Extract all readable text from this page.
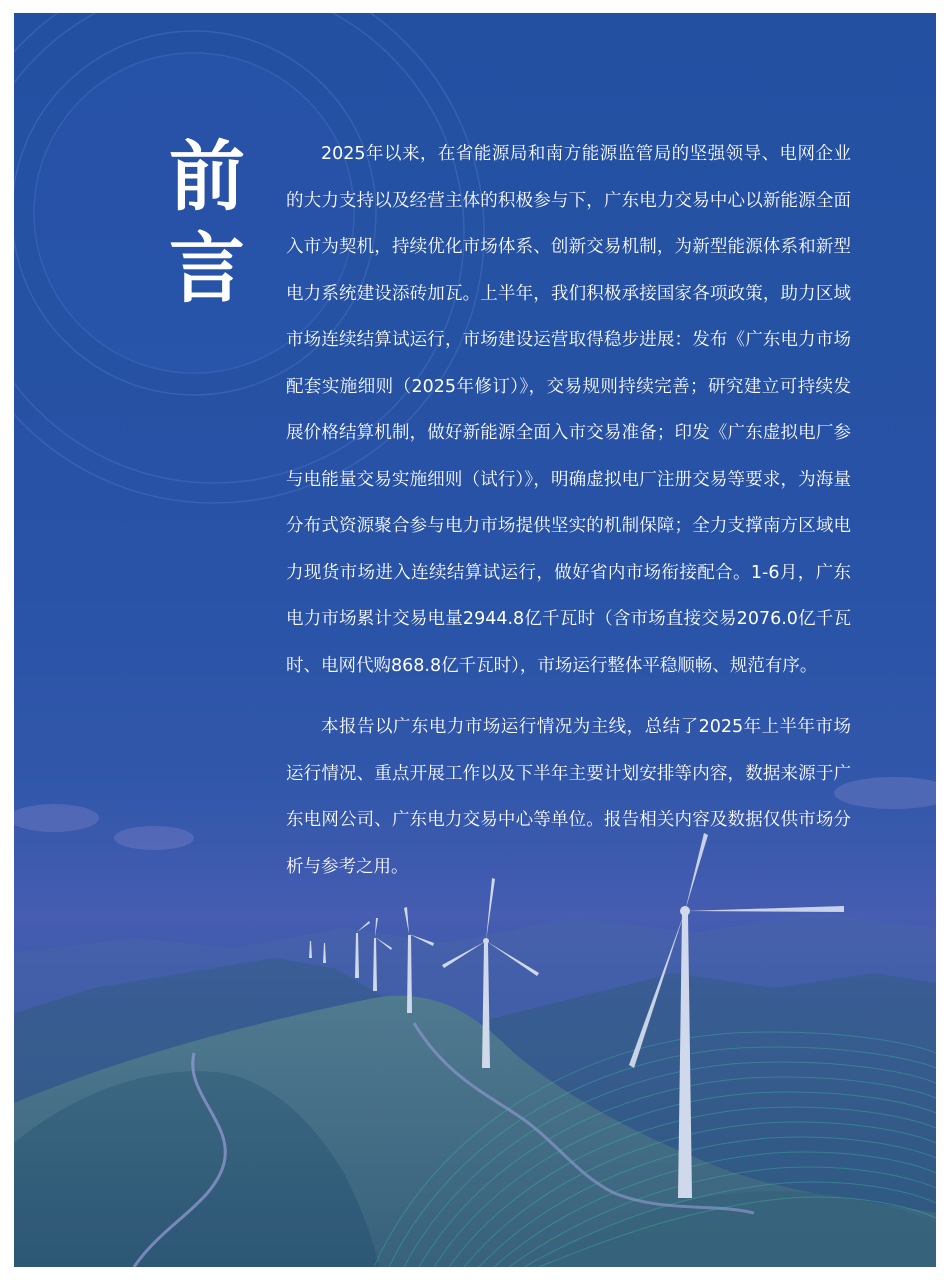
前
言

2025年以来，在省能源局和南方能源监管局的坚强领导、电网企业的大力支持以及经营主体的积极参与下，广东电力交易中心以新能源全面入市为契机，持续优化市场体系、创新交易机制，为新型能源体系和新型电力系统建设添砖加瓦。上半年，我们积极承接国家各项政策，助力区域市场连续结算试运行，市场建设运营取得稳步进展：发布《广东电力市场配套实施细则（2025年修订）》，交易规则持续完善；研究建立可持续发展价格结算机制，做好新能源全面入市交易准备；印发《广东虚拟电厂参与电能量交易实施细则（试行）》，明确虚拟电厂注册交易等要求，为海量分布式资源聚合参与电力市场提供坚实的机制保障；全力支撑南方区域电力现货市场进入连续结算试运行，做好省内市场衔接配合。1-6月，广东电力市场累计交易电量2944.8亿千瓦时（含市场直接交易2076.0亿千瓦时、电网代购868.8亿千瓦时），市场运行整体平稳顺畅、规范有序。

本报告以广东电力市场运行情况为主线，总结了2025年上半年市场运行情况、重点开展工作以及下半年主要计划安排等内容，数据来源于广东电网公司、广东电力交易中心等单位。报告相关内容及数据仅供市场分析与参考之用。
